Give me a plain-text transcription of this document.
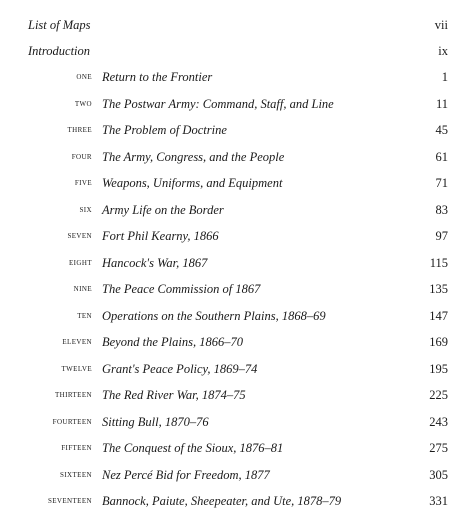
List of Maps	vii
Introduction	ix
one Return to the Frontier	1
two The Postwar Army: Command, Staff, and Line	11
three The Problem of Doctrine	45
four The Army, Congress, and the People	61
five Weapons, Uniforms, and Equipment	71
six Army Life on the Border	83
seven Fort Phil Kearny, 1866	97
eight Hancock's War, 1867	115
nine The Peace Commission of 1867	135
ten Operations on the Southern Plains, 1868–69	147
eleven Beyond the Plains, 1866–70	169
twelve Grant's Peace Policy, 1869–74	195
thirteen The Red River War, 1874–75	225
fourteen Sitting Bull, 1870–76	243
fifteen The Conquest of the Sioux, 1876–81	275
sixteen Nez Percé Bid for Freedom, 1877	305
seventeen Bannock, Paiute, Sheepeater, and Ute, 1878–79	331
